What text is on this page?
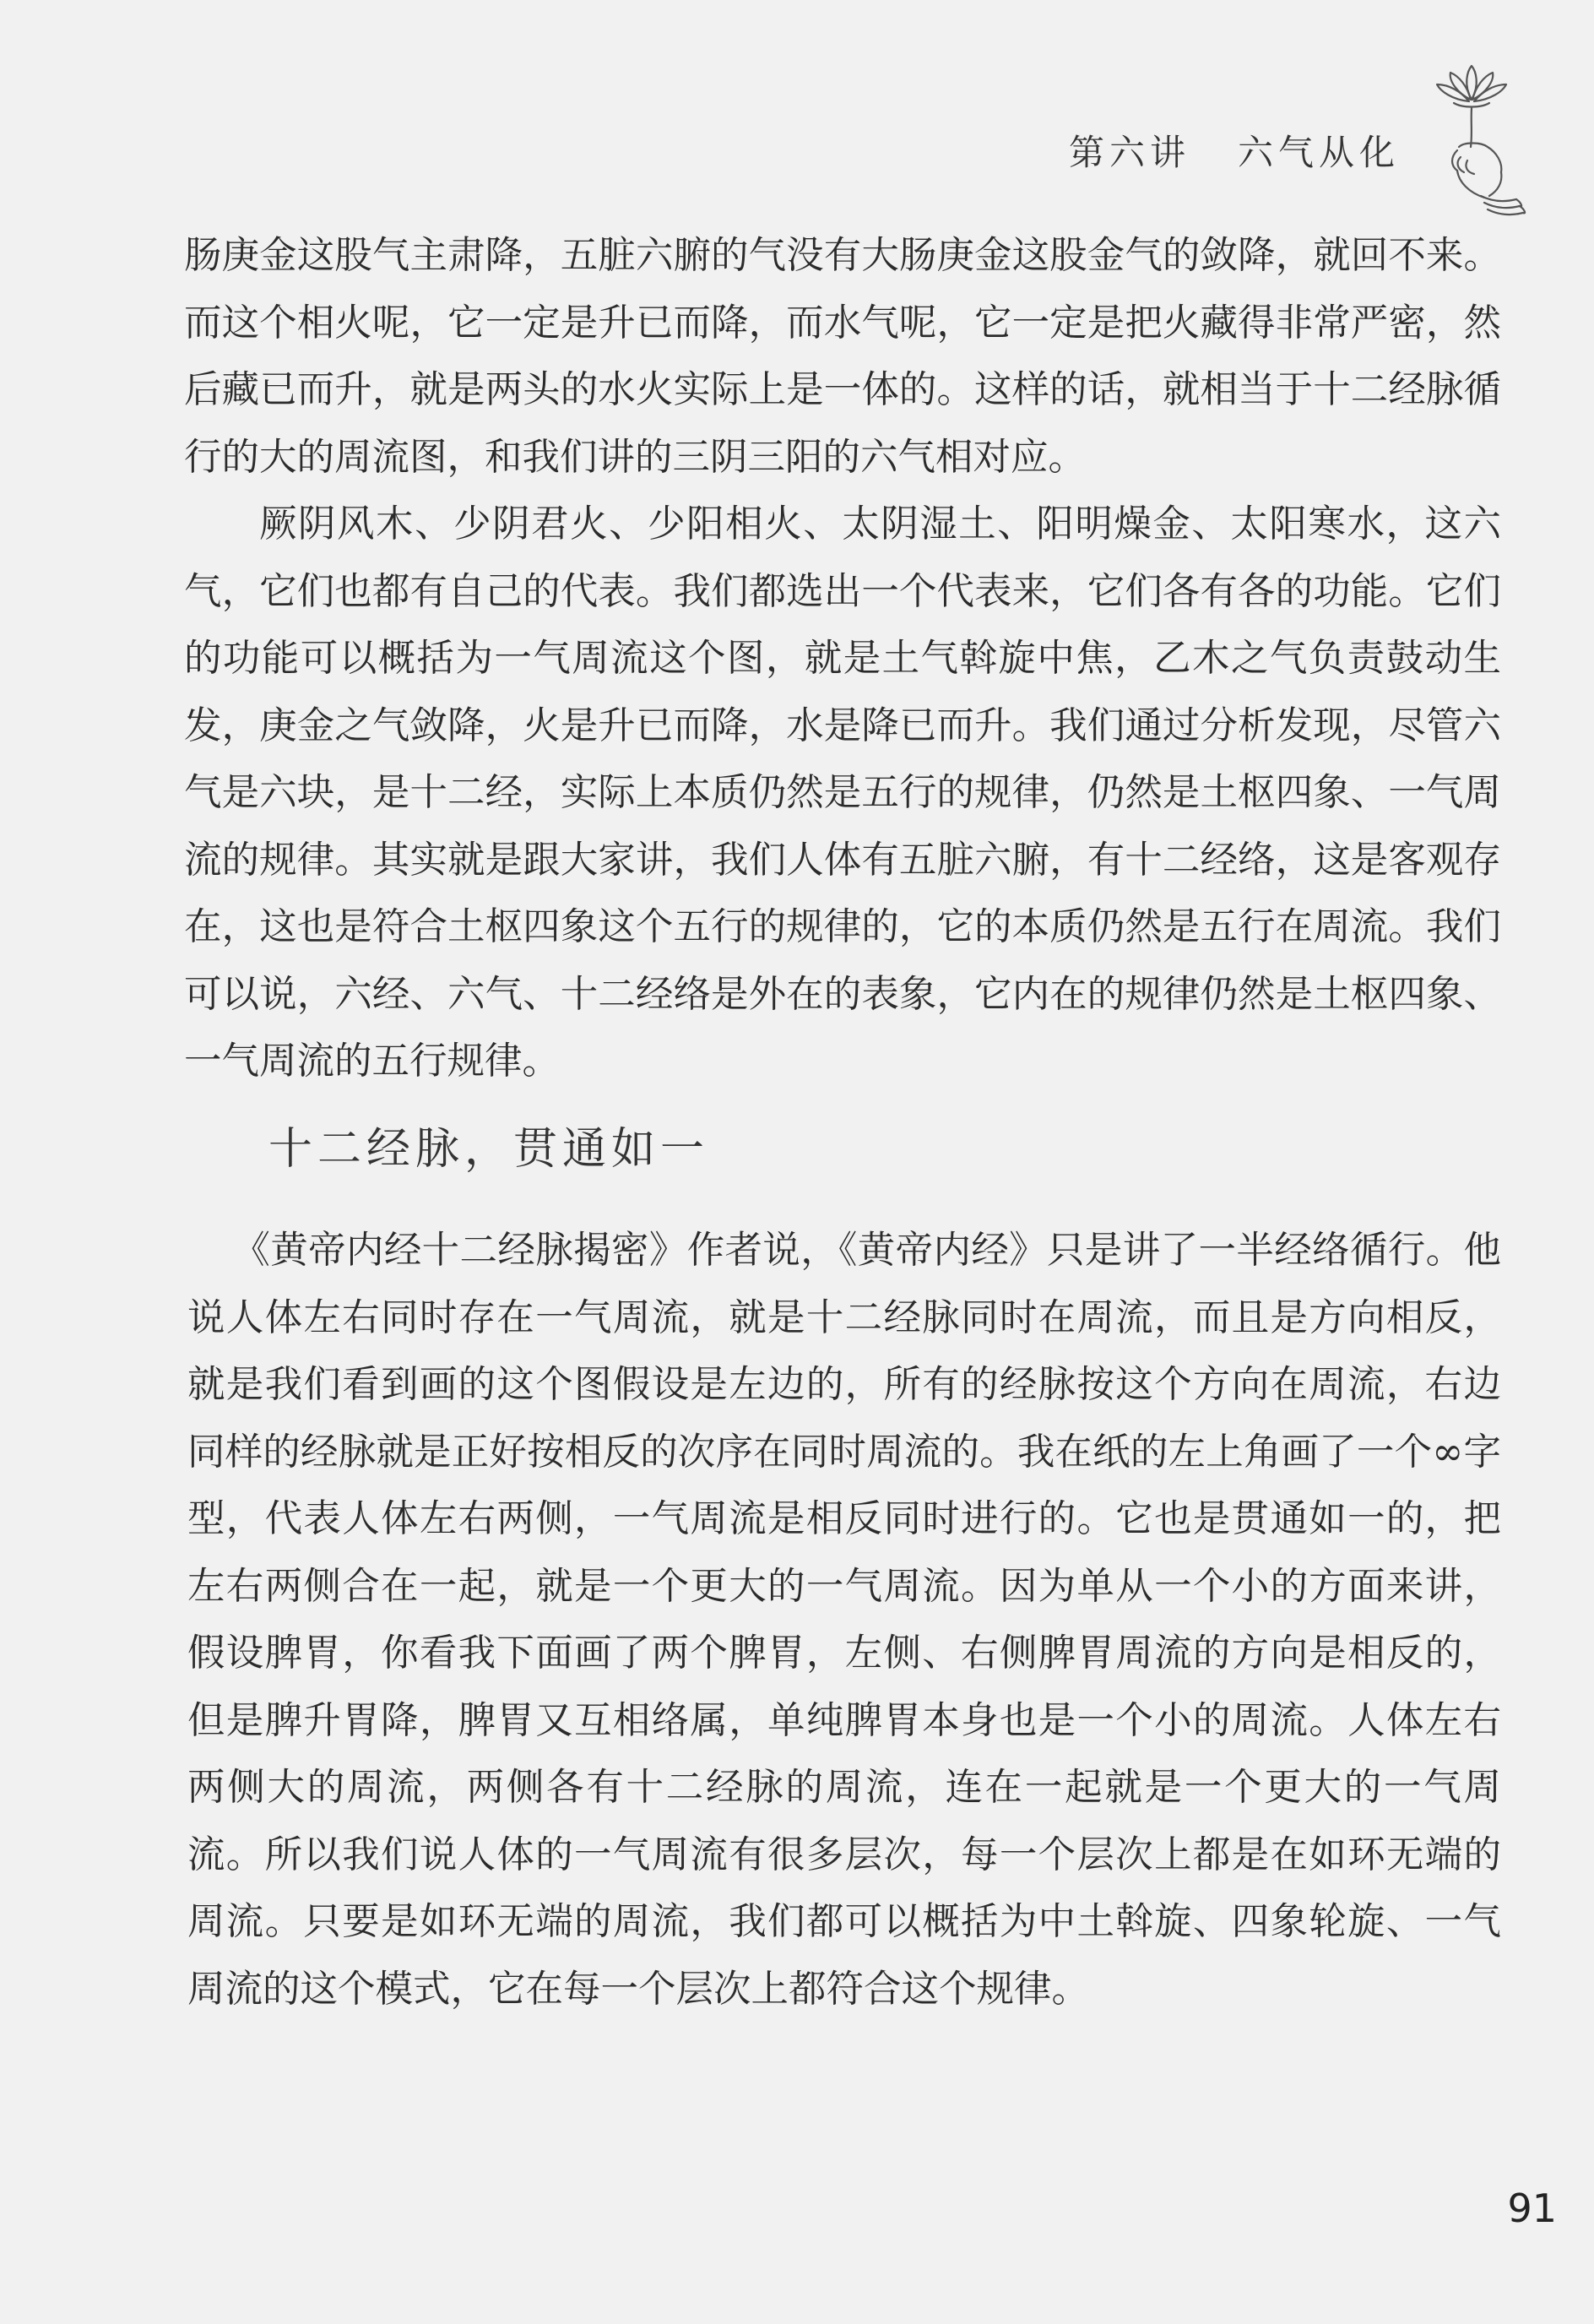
第六讲 六气从化

肠庚金这股气主肃降，五脏六腑的气没有大肠庚金这股金气的敛降，就回不来。而这个相火呢，它一定是升已而降，而水气呢，它一定是把火藏得非常严密，然后藏已而升，就是两头的水火实际上是一体的。这样的话，就相当于十二经脉循行的大的周流图，和我们讲的三阴三阳的六气相对应。

厥阴风木、少阴君火、少阳相火、太阴湿土、阳明燥金、太阳寒水，这六气，它们也都有自己的代表。我们都选出一个代表来，它们各有各的功能。它们的功能可以概括为一气周流这个图，就是土气斡旋中焦，乙木之气负责鼓动生发，庚金之气敛降，火是升已而降，水是降已而升。我们通过分析发现，尽管六气是六块，是十二经，实际上本质仍然是五行的规律，仍然是土枢四象、一气周流的规律。其实就是跟大家讲，我们人体有五脏六腑，有十二经络，这是客观存在，这也是符合土枢四象这个五行的规律的，它的本质仍然是五行在周流。我们可以说，六经、六气、十二经络是外在的表象，它内在的规律仍然是土枢四象、一气周流的五行规律。

十二经脉，贯通如一

《黄帝内经十二经脉揭密》作者说，《黄帝内经》只是讲了一半经络循行。他说人体左右同时存在一气周流，就是十二经脉同时在周流，而且是方向相反，就是我们看到画的这个图假设是左边的，所有的经脉按这个方向在周流，右边同样的经脉就是正好按相反的次序在同时周流的。我在纸的左上角画了一个∞字型，代表人体左右两侧，一气周流是相反同时进行的。它也是贯通如一的，把左右两侧合在一起，就是一个更大的一气周流。因为单从一个小的方面来讲，假设脾胃，你看我下面画了两个脾胃，左侧、右侧脾胃周流的方向是相反的，但是脾升胃降，脾胃又互相络属，单纯脾胃本身也是一个小的周流。人体左右两侧大的周流，两侧各有十二经脉的周流，连在一起就是一个更大的一气周流。所以我们说人体的一气周流有很多层次，每一个层次上都是在如环无端的周流。只要是如环无端的周流，我们都可以概括为中土斡旋、四象轮旋、一气周流的这个模式，它在每一个层次上都符合这个规律。

91
